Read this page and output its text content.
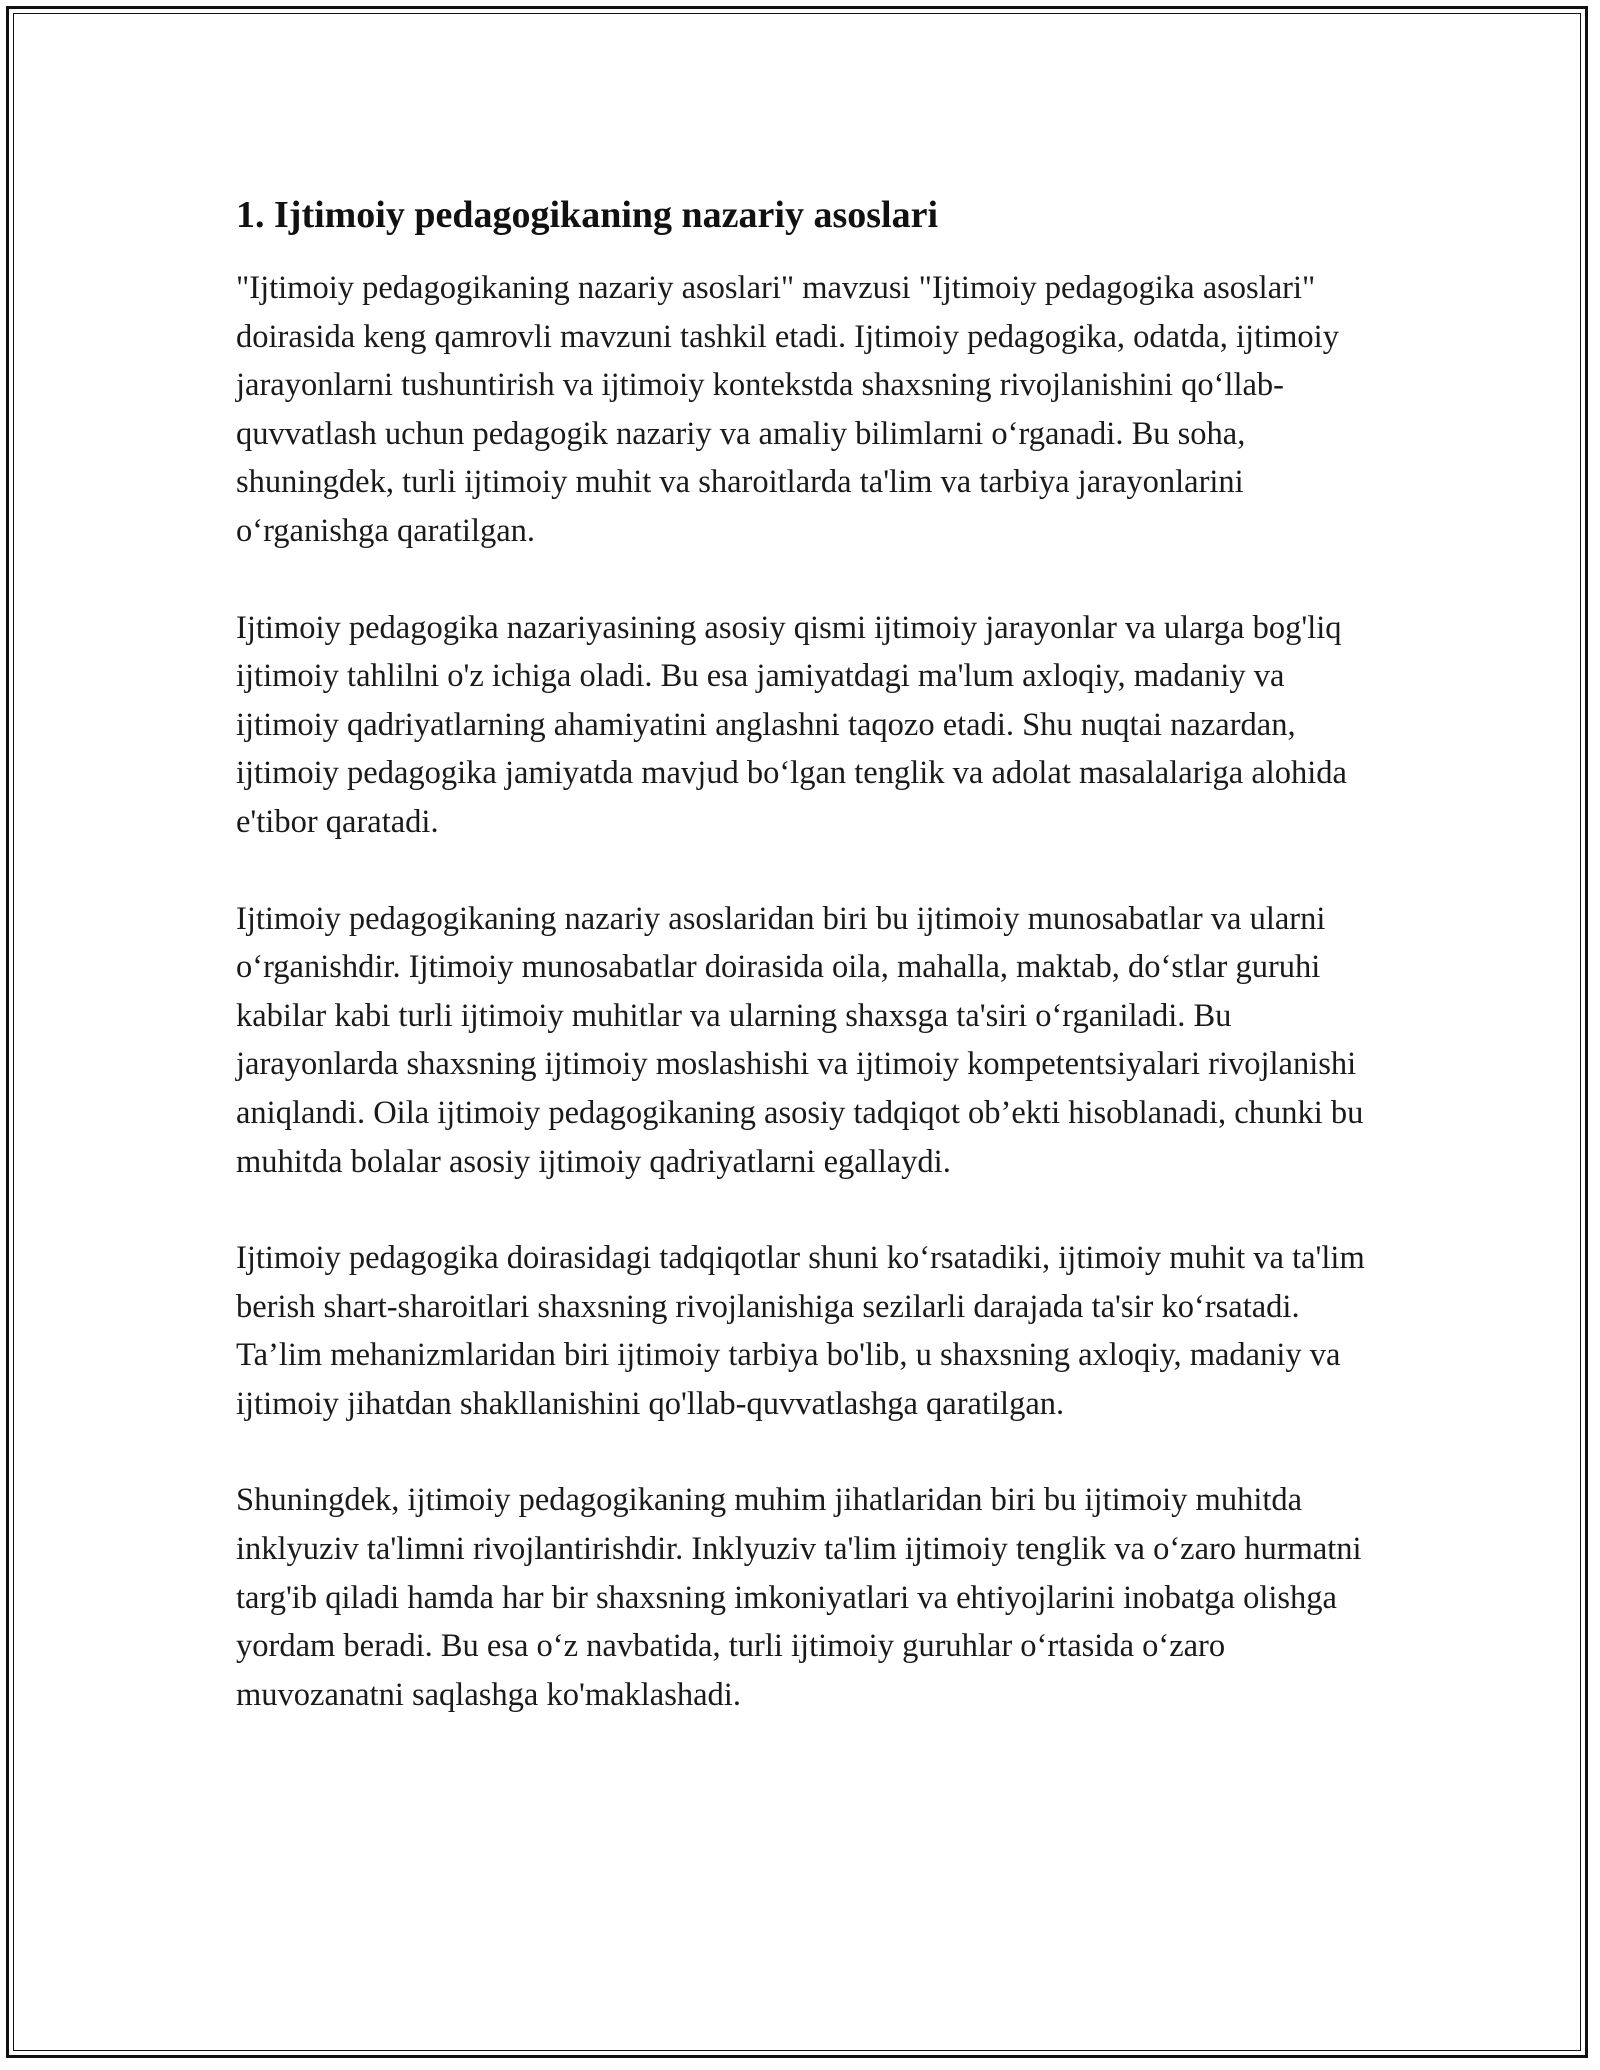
1. Ijtimoiy pedagogikaning nazariy asoslari

"Ijtimoiy pedagogikaning nazariy asoslari" mavzusi "Ijtimoiy pedagogika asoslari" doirasida keng qamrovli mavzuni tashkil etadi. Ijtimoiy pedagogika, odatda, ijtimoiy jarayonlarni tushuntirish va ijtimoiy kontekstda shaxsning rivojlanishini qo‘llab-quvvatlash uchun pedagogik nazariy va amaliy bilimlarni o‘rganadi. Bu soha, shuningdek, turli ijtimoiy muhit va sharoitlarda ta'lim va tarbiya jarayonlarini o‘rganishga qaratilgan.

Ijtimoiy pedagogika nazariyasining asosiy qismi ijtimoiy jarayonlar va ularga bog'liq ijtimoiy tahlilni o'z ichiga oladi. Bu esa jamiyatdagi ma'lum axloqiy, madaniy va ijtimoiy qadriyatlarning ahamiyatini anglashni taqozo etadi. Shu nuqtai nazardan, ijtimoiy pedagogika jamiyatda mavjud bo‘lgan tenglik va adolat masalalariga alohida e'tibor qaratadi.

Ijtimoiy pedagogikaning nazariy asoslaridan biri bu ijtimoiy munosabatlar va ularni o‘rganishdir. Ijtimoiy munosabatlar doirasida oila, mahalla, maktab, do‘stlar guruhi kabilar kabi turli ijtimoiy muhitlar va ularning shaxsga ta'siri o‘rganiladi. Bu jarayonlarda shaxsning ijtimoiy moslashishi va ijtimoiy kompetentsiyalari rivojlanishi aniqlandi. Oila ijtimoiy pedagogikaning asosiy tadqiqot ob’ekti hisoblanadi, chunki bu muhitda bolalar asosiy ijtimoiy qadriyatlarni egallaydi.

Ijtimoiy pedagogika doirasidagi tadqiqotlar shuni ko‘rsatadiki, ijtimoiy muhit va ta'lim berish shart-sharoitlari shaxsning rivojlanishiga sezilarli darajada ta'sir ko‘rsatadi. Ta’lim mehanizmlaridan biri ijtimoiy tarbiya bo'lib, u shaxsning axloqiy, madaniy va ijtimoiy jihatdan shakllanishini qo'llab-quvvatlashga qaratilgan.

Shuningdek, ijtimoiy pedagogikaning muhim jihatlaridan biri bu ijtimoiy muhitda inklyuziv ta'limni rivojlantirishdir. Inklyuziv ta'lim ijtimoiy tenglik va o‘zaro hurmatni targ'ib qiladi hamda har bir shaxsning imkoniyatlari va ehtiyojlarini inobatga olishga yordam beradi. Bu esa o‘z navbatida, turli ijtimoiy guruhlar o‘rtasida o‘zaro muvozanatni saqlashga ko'maklashadi.
